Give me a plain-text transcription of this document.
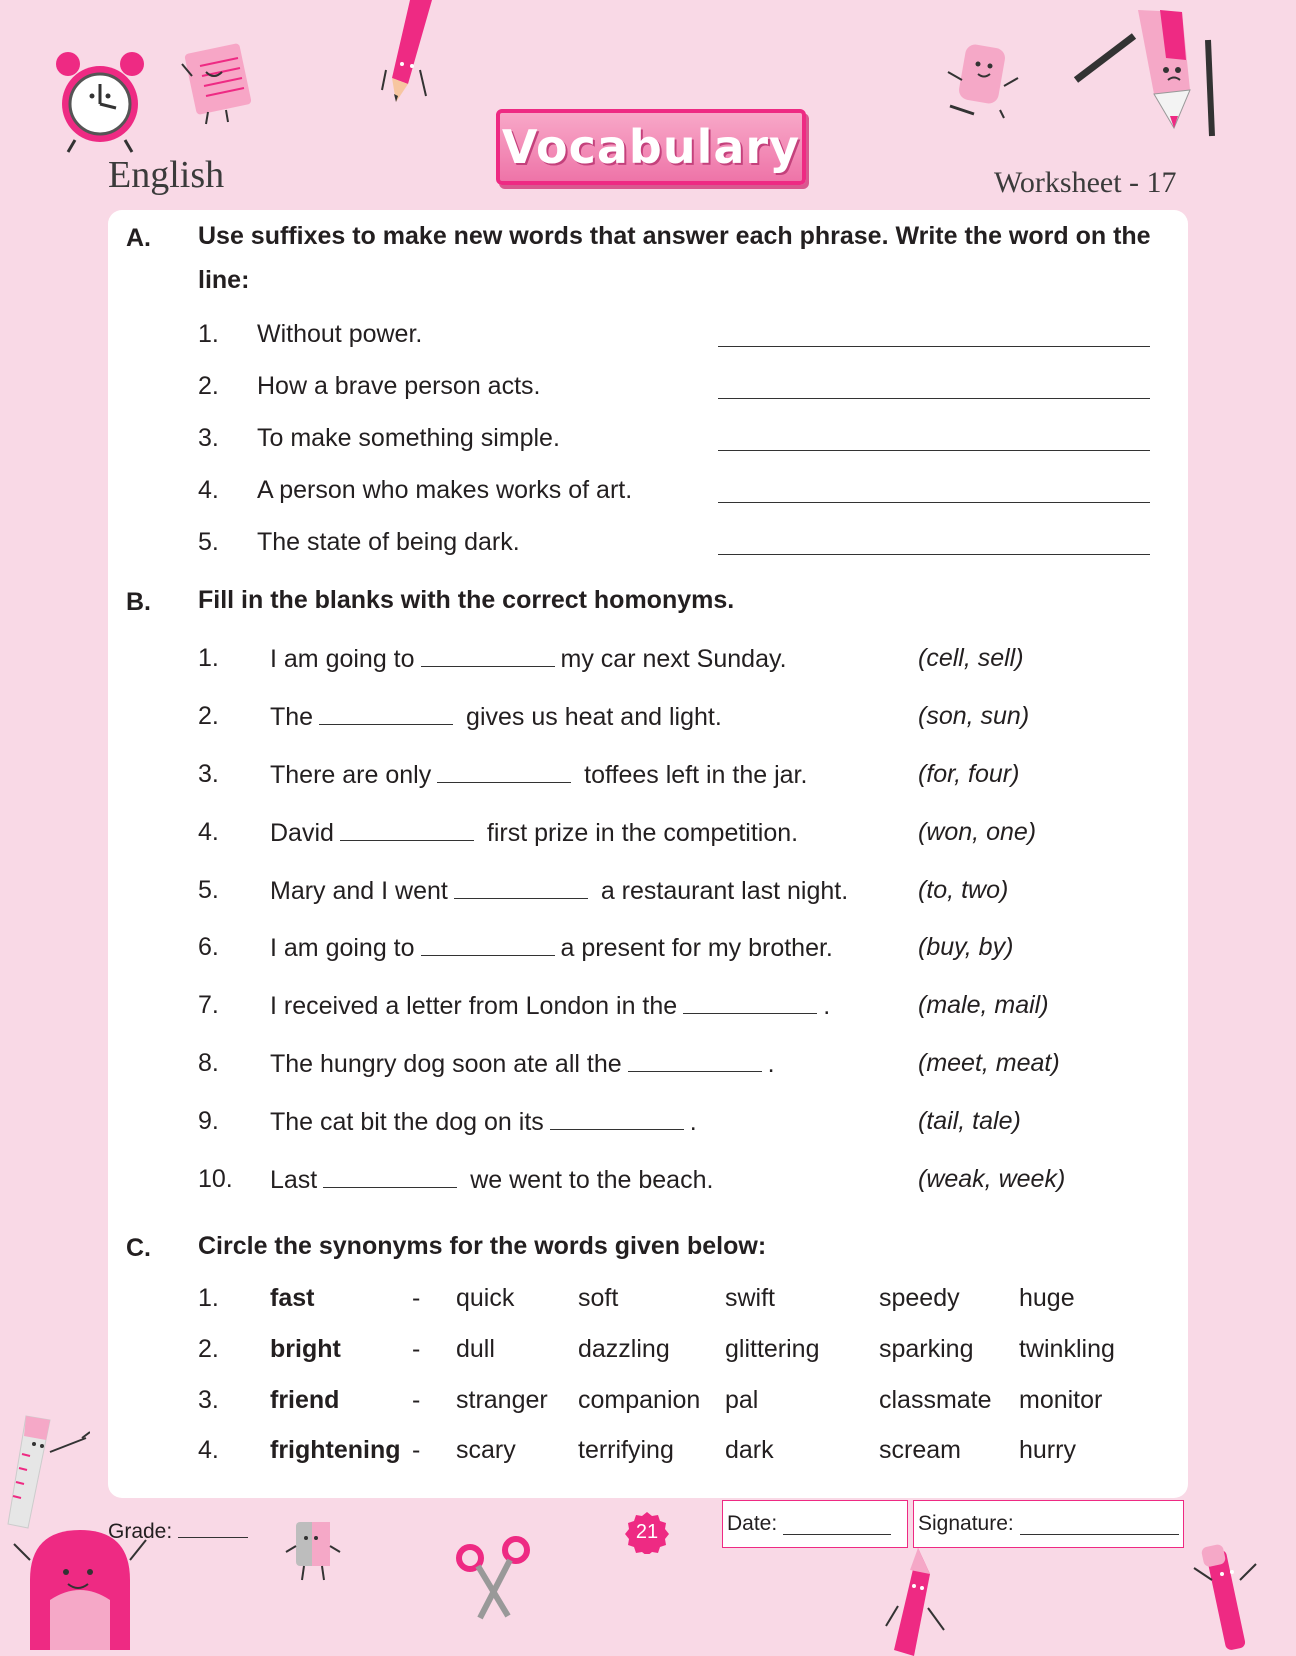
English
Vocabulary
Worksheet - 17
A. Use suffixes to make new words that answer each phrase. Write the word on the line:
1. Without power.
2. How a brave person acts.
3. To make something simple.
4. A person who makes works of art.
5. The state of being dark.
B. Fill in the blanks with the correct homonyms.
1. I am going to	my car next Sunday.	(cell, sell)
2. The	gives us heat and light.	(son, sun)
3. There are only	toffees left in the jar.	(for, four)
4. David	first prize in the competition.	(won, one)
5. Mary and I went	a restaurant last night.	(to, two)
6. I am going to	a present for my brother.	(buy, by)
7. I received a letter from London in the	.	(male, mail)
8. The hungry dog soon ate all the	.	(meet, meat)
9. The cat bit the dog on its	.	(tail, tale)
10. Last	we went to the beach.	(weak, week)
C. Circle the synonyms for the words given below:
1. fast	- quick	soft	swift	speedy huge
2. bright	- dull	dazzling glittering sparking twinkling
3. friend	- stranger companion pal	classmate monitor
4. frightening - scary terrifying dark	scream hurry
Grade:	21	Date:	Signature:
